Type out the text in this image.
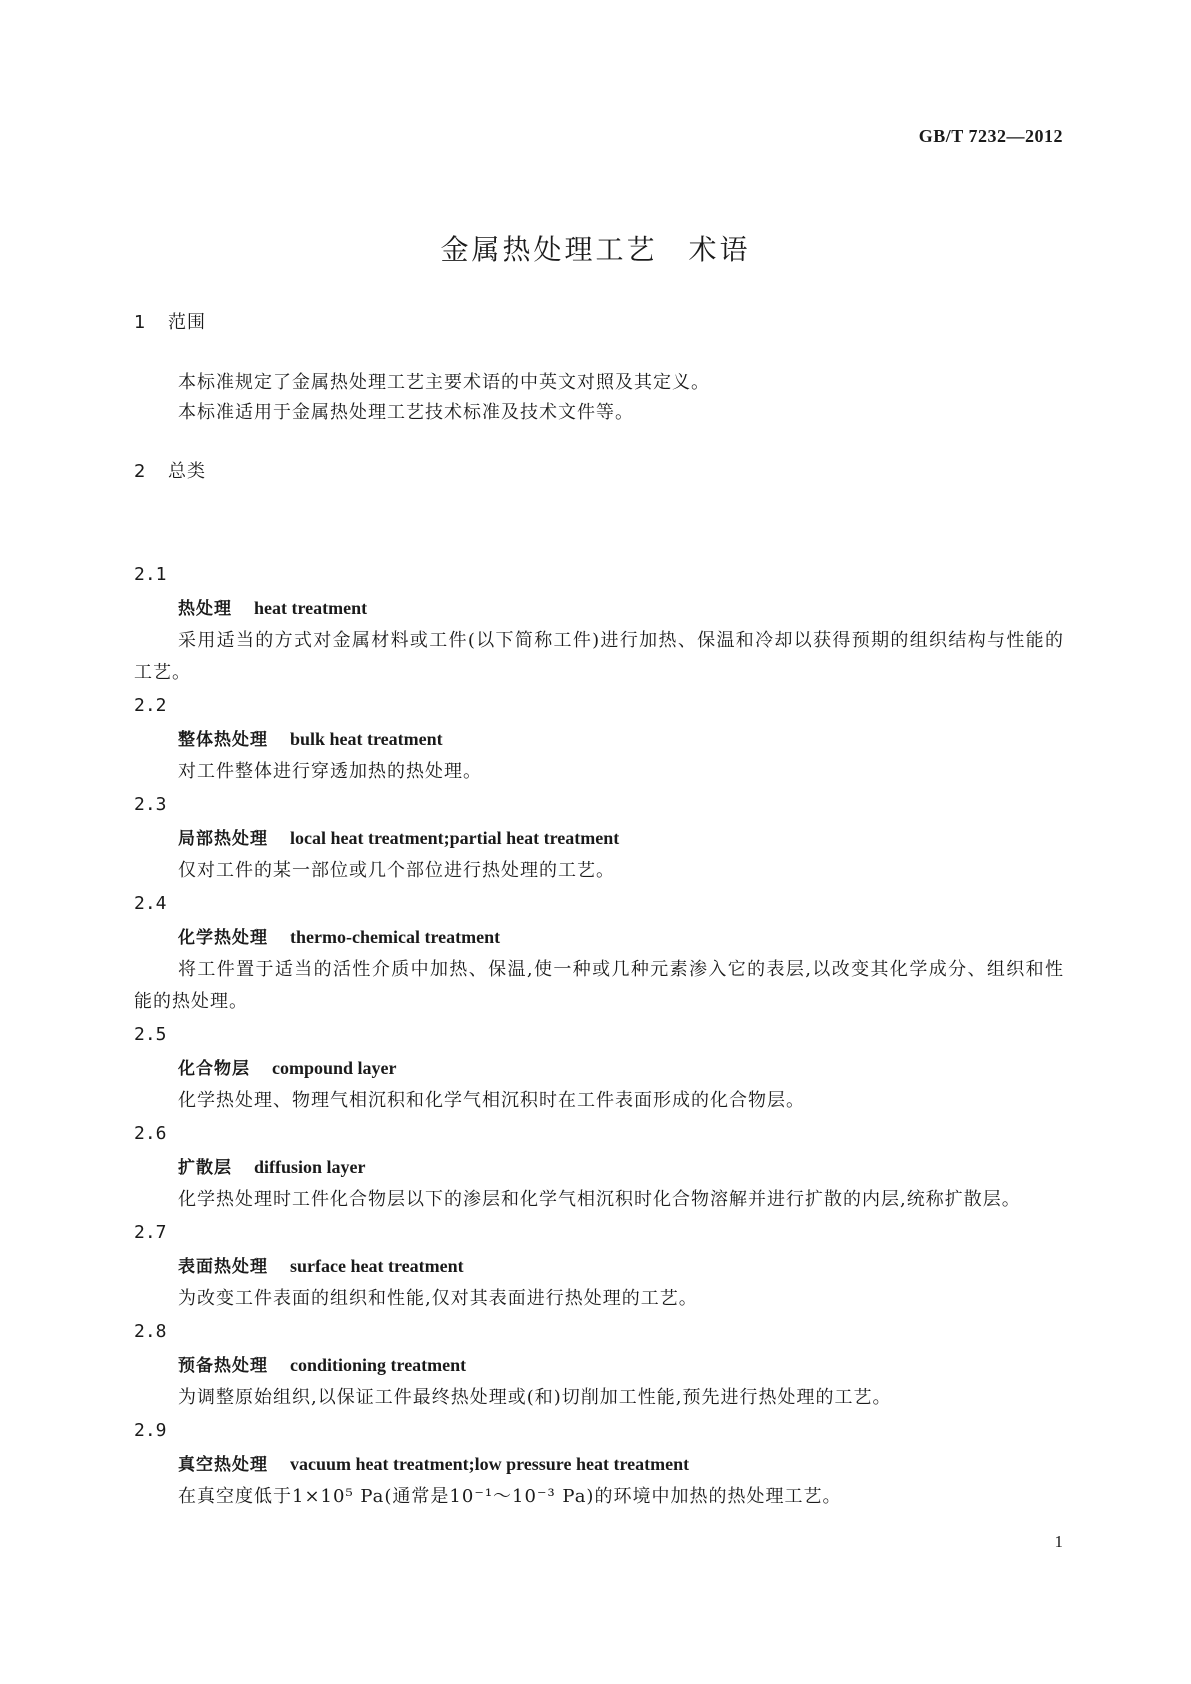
GB/T 7232—2012
金属热处理工艺　术语
1 范围
本标准规定了金属热处理工艺主要术语的中英文对照及其定义。
本标准适用于金属热处理工艺技术标准及技术文件等。
2 总类
2.1
热处理 heat treatment
采用适当的方式对金属材料或工件(以下简称工件)进行加热、保温和冷却以获得预期的组织结构与性能的工艺。
2.2
整体热处理 bulk heat treatment
对工件整体进行穿透加热的热处理。
2.3
局部热处理 local heat treatment;partial heat treatment
仅对工件的某一部位或几个部位进行热处理的工艺。
2.4
化学热处理 thermo-chemical treatment
将工件置于适当的活性介质中加热、保温,使一种或几种元素渗入它的表层,以改变其化学成分、组织和性能的热处理。
2.5
化合物层 compound layer
化学热处理、物理气相沉积和化学气相沉积时在工件表面形成的化合物层。
2.6
扩散层 diffusion layer
化学热处理时工件化合物层以下的渗层和化学气相沉积时化合物溶解并进行扩散的内层,统称扩散层。
2.7
表面热处理 surface heat treatment
为改变工件表面的组织和性能,仅对其表面进行热处理的工艺。
2.8
预备热处理 conditioning treatment
为调整原始组织,以保证工件最终热处理或(和)切削加工性能,预先进行热处理的工艺。
2.9
真空热处理 vacuum heat treatment;low pressure heat treatment
在真空度低于1×10⁵ Pa(通常是10⁻¹～10⁻³ Pa)的环境中加热的热处理工艺。
1
